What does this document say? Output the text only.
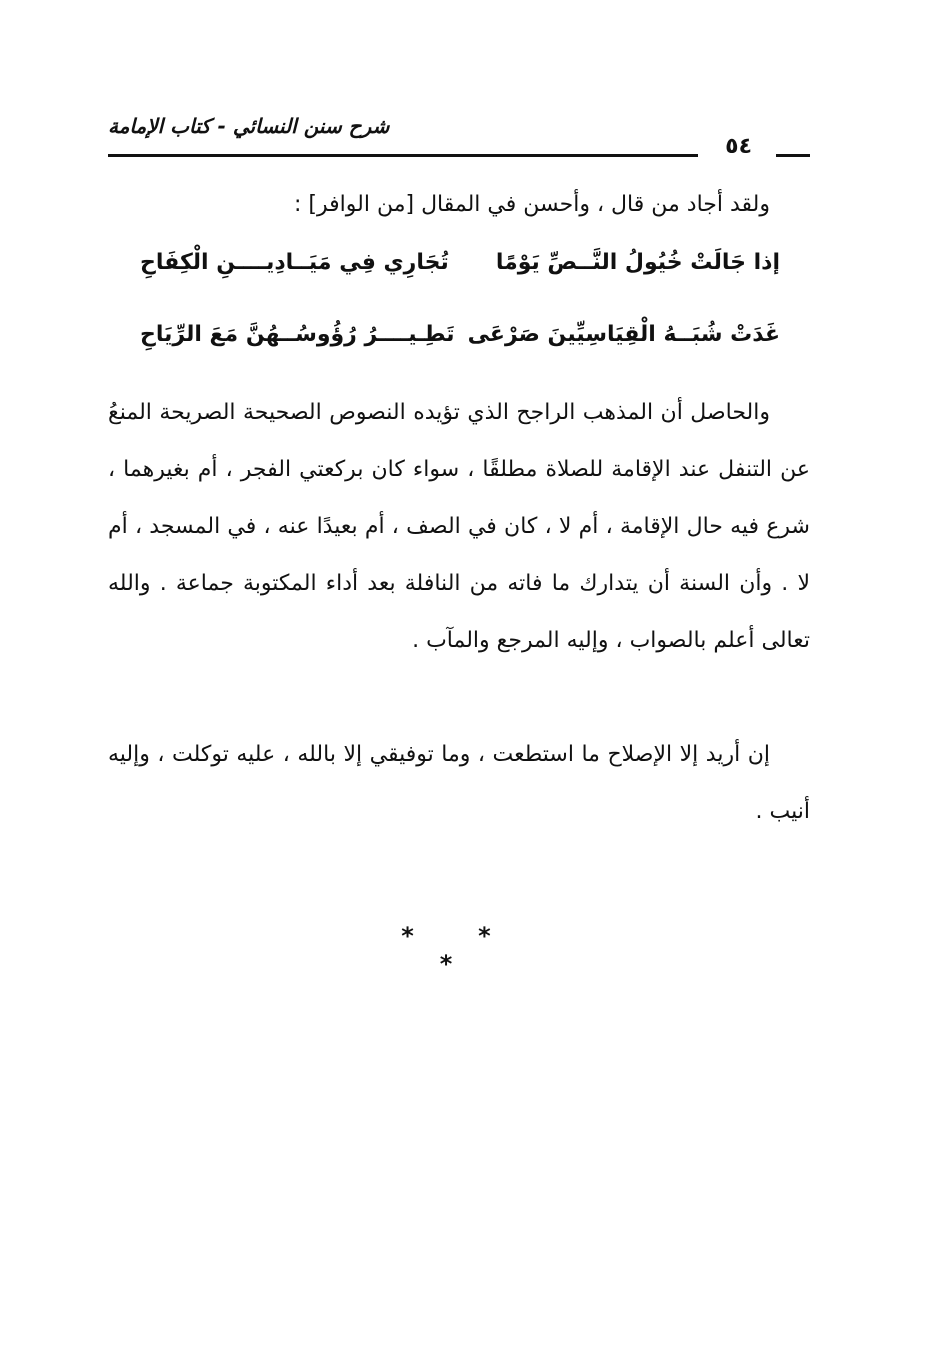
شرح سنن النسائي - كتاب الإمامة
٥٤
ولقد أجاد من قال ، وأحسن في المقال [من الوافر] :
إذا جَالَتْ خُيُولُ النَّــصِّ يَوْمًا
تُجَارِي فِي مَيَــادِيــــنِ الْكِفَاحِ
غَدَتْ شُبَــهُ الْقِيَاسِيِّينَ صَرْعَى
تَطِـيــــرُ رُؤُوسُــهُنَّ مَعَ الرِّيَاحِ
والحاصل أن المذهب الراجح الذي تؤيده النصوص الصحيحة الصريحة المنعُ عن التنفل عند الإقامة للصلاة مطلقًا ، سواء كان بركعتي الفجر ، أم بغيرهما ، شرع فيه حال الإقامة ، أم لا ، كان في الصف ، أم بعيدًا عنه ، في المسجد ، أم لا . وأن السنة أن يتدارك ما فاته من النافلة بعد أداء المكتوبة جماعة . والله تعالى أعلم بالصواب ، وإليه المرجع والمآب .
إن أريد إلا الإصلاح ما استطعت ، وما توفيقي إلا بالله ، عليه توكلت ، وإليه أنيب .
* * *
